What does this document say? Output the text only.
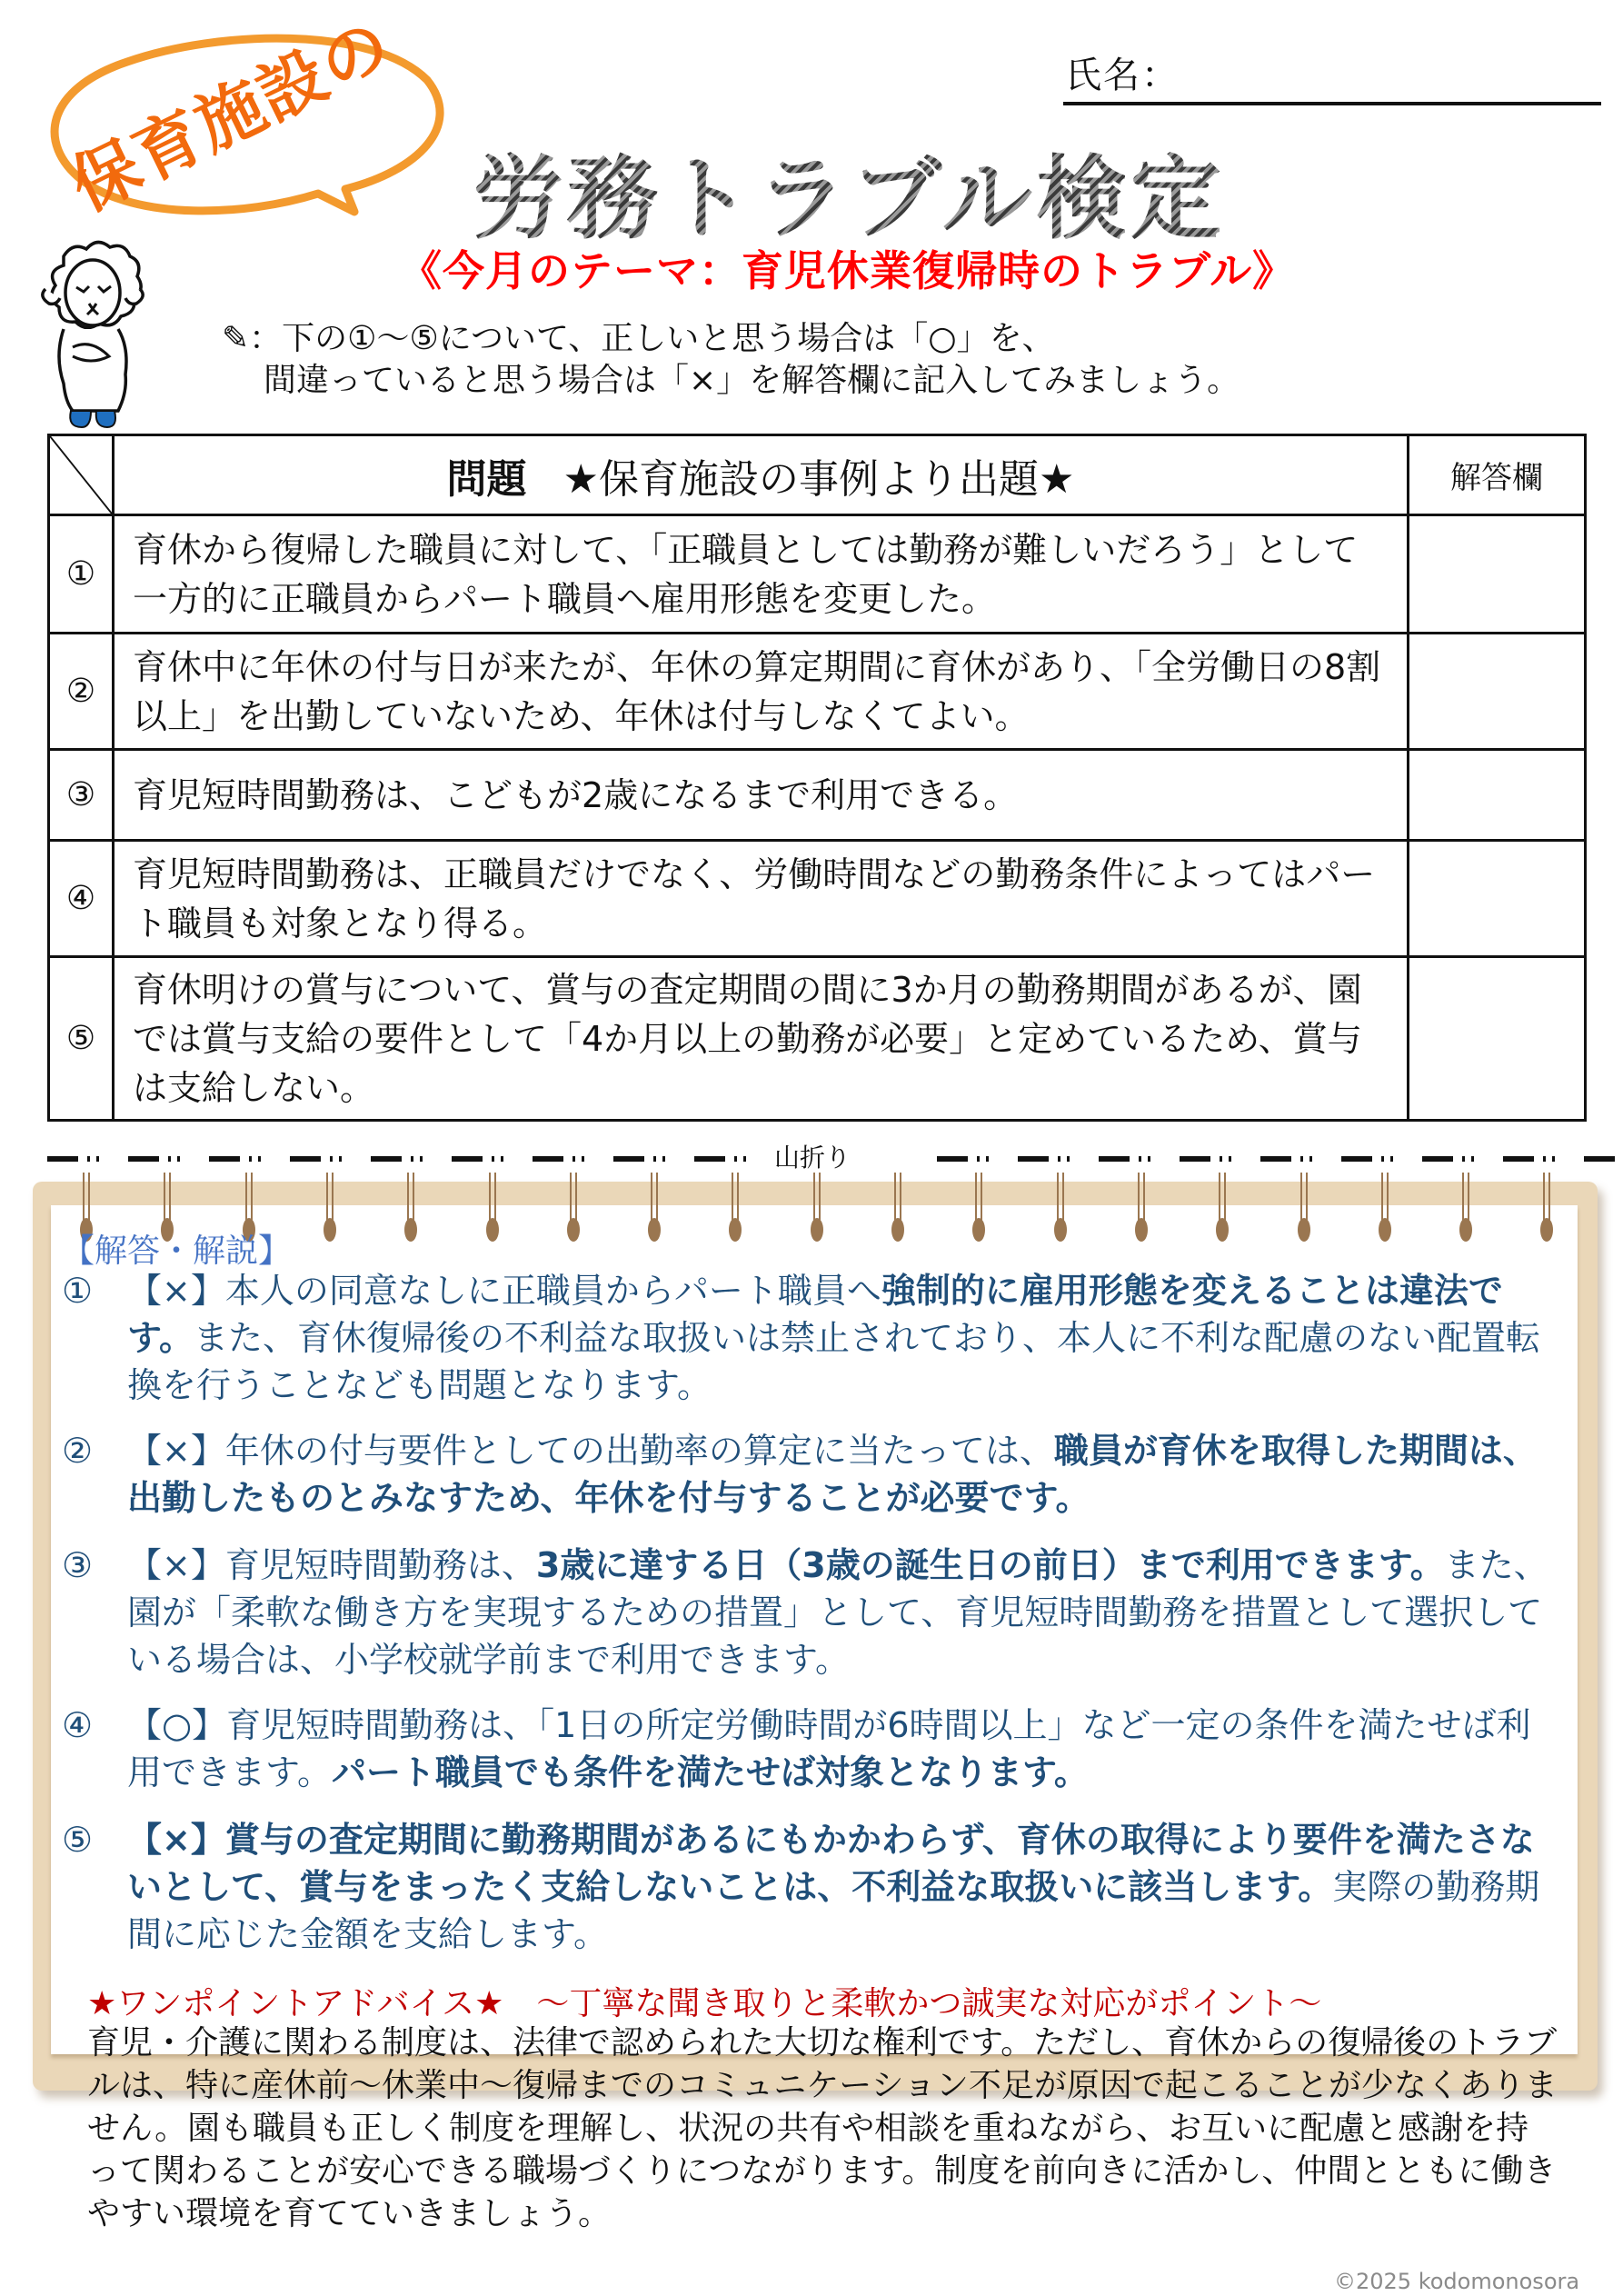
氏名：
保育施設の 労務トラブル検定
《今月のテーマ：育児休業復帰時のトラブル》
✎：下の①～⑤について、正しいと思う場合は「○」を、
間違っていると思う場合は「×」を解答欄に記入してみましょう。
	問題 ★保育施設の事例より出題★	解答欄
①	育休から復帰した職員に対して、「正職員としては勤務が難しいだろう」として一方的に正職員からパート職員へ雇用形態を変更した。	
②	育休中に年休の付与日が来たが、年休の算定期間に育休があり、「全労働日の8割以上」を出勤していないため、年休は付与しなくてよい。	
③	育児短時間勤務は、こどもが2歳になるまで利用できる。	
④	育児短時間勤務は、正職員だけでなく、労働時間などの勤務条件によってはパート職員も対象となり得る。	
⑤	育休明けの賞与について、賞与の査定期間の間に3か月の勤務期間があるが、園では賞与支給の要件として「4か月以上の勤務が必要」と定めているため、賞与は支給しない。	
山折り
【解答・解説】
① 【×】本人の同意なしに正職員からパート職員へ強制的に雇用形態を変えることは違法です。また、育休復帰後の不利益な取扱いは禁止されており、本人に不利な配慮のない配置転換を行うことなども問題となります。
② 【×】年休の付与要件としての出勤率の算定に当たっては、職員が育休を取得した期間は、出勤したものとみなすため、年休を付与することが必要です。
③ 【×】育児短時間勤務は、3歳に達する日（3歳の誕生日の前日）まで利用できます。また、園が「柔軟な働き方を実現するための措置」として、育児短時間勤務を措置として選択している場合は、小学校就学前まで利用できます。
④ 【○】育児短時間勤務は、「1日の所定労働時間が6時間以上」など一定の条件を満たせば利用できます。パート職員でも条件を満たせば対象となります。
⑤ 【×】賞与の査定期間に勤務期間があるにもかかわらず、育休の取得により要件を満たさないとして、賞与をまったく支給しないことは、不利益な取扱いに該当します。実際の勤務期間に応じた金額を支給します。
★ワンポイントアドバイス★ ～丁寧な聞き取りと柔軟かつ誠実な対応がポイント～
育児・介護に関わる制度は、法律で認められた大切な権利です。ただし、育休からの復帰後のトラブルは、特に産休前～休業中～復帰までのコミュニケーション不足が原因で起こることが少なくありません。園も職員も正しく制度を理解し、状況の共有や相談を重ねながら、お互いに配慮と感謝を持って関わることが安心できる職場づくりにつながります。制度を前向きに活かし、仲間とともに働きやすい環境を育てていきましょう。
©2025 kodomonosora
